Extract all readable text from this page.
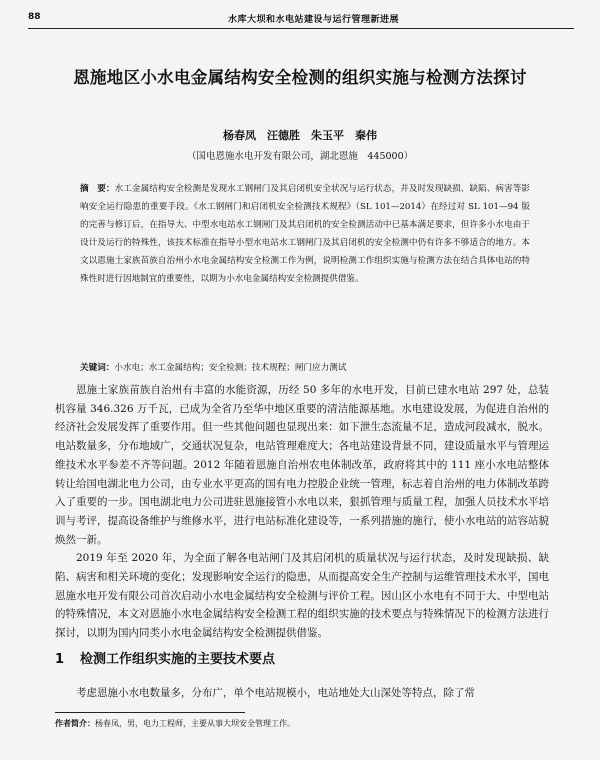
88	水库大坝和水电站建设与运行管理新进展
恩施地区小水电金属结构安全检测的组织实施与检测方法探讨
杨春凤　汪德胜　朱玉平　秦伟
（国电恩施水电开发有限公司，湖北恩施　445000）
摘　要：水工金属结构安全检测是发现水工钢闸门及其启闭机安全状况与运行状态，并及时发现缺损、缺陷、病害等影响安全运行隐患的重要手段。《水工钢闸门和启闭机安全检测技术规程》（SL 101—2014）在经过对 SL 101—94 版的完善与修订后，在指导大、中型水电站水工钢闸门及其启闭机的安全检测活动中已基本满足要求，但许多小水电由于设计及运行的特殊性，该技术标准在指导小型水电站水工钢闸门及其启闭机的安全检测中仍有许多不够适合的地方。本文以恩施土家族苗族自治州小水电金属结构安全检测工作为例，说明检测工作组织实施与检测方法在结合具体电站的特殊性时进行因地制宜的重要性，以期为小水电金属结构安全检测提供借鉴。
关键词：小水电；水工金属结构；安全检测；技术规程；闸门应力测试

恩施土家族苗族自治州有丰富的水能资源，历经 50 多年的水电开发，目前已建水电站 297 处，总装机容量 346.326 万千瓦，已成为全省乃至华中地区重要的清洁能源基地。水电建设发展，为促进自治州的经济社会发展发挥了重要作用。但一些其他问题也显现出来：如下泄生态流量不足，造成河段减水，脱水。电站数量多，分布地域广，交通状况复杂，电站管理难度大；各电站建设背景不同，建设质量水平与管理运维技术水平参差不齐等问题。2012 年随着恩施自治州农电体制改革，政府将其中的 111 座小水电站整体转让给国电湖北电力公司，由专业水平更高的国有电力控股企业统一管理，标志着自治州的电力体制改革跨入了重要的一步。国电湖北电力公司进驻恩施接管小水电以来，狠抓管理与质量工程，加强人员技术水平培训与考评，提高设备维护与维修水平，进行电站标准化建设等，一系列措施的施行，使小水电站的站容站貌焕然一新。

2019 年至 2020 年，为全面了解各电站闸门及其启闭机的质量状况与运行状态，及时发现缺损、缺陷、病害和相关环境的变化；发现影响安全运行的隐患，从而提高安全生产控制与运维管理技术水平，国电恩施水电开发有限公司首次启动小水电金属结构安全检测与评价工程。因山区小水电有不同于大、中型电站的特殊情况，本文对恩施小水电金属结构安全检测工程的组织实施的技术要点与特殊情况下的检测方法进行探讨，以期为国内同类小水电金属结构安全检测提供借鉴。

1 检测工作组织实施的主要技术要点
考虑恩施小水电数量多，分布广，单个电站规模小，电站地处大山深处等特点，除了常
作者简介：杨春凤，男，电力工程师，主要从事大坝安全管理工作。
